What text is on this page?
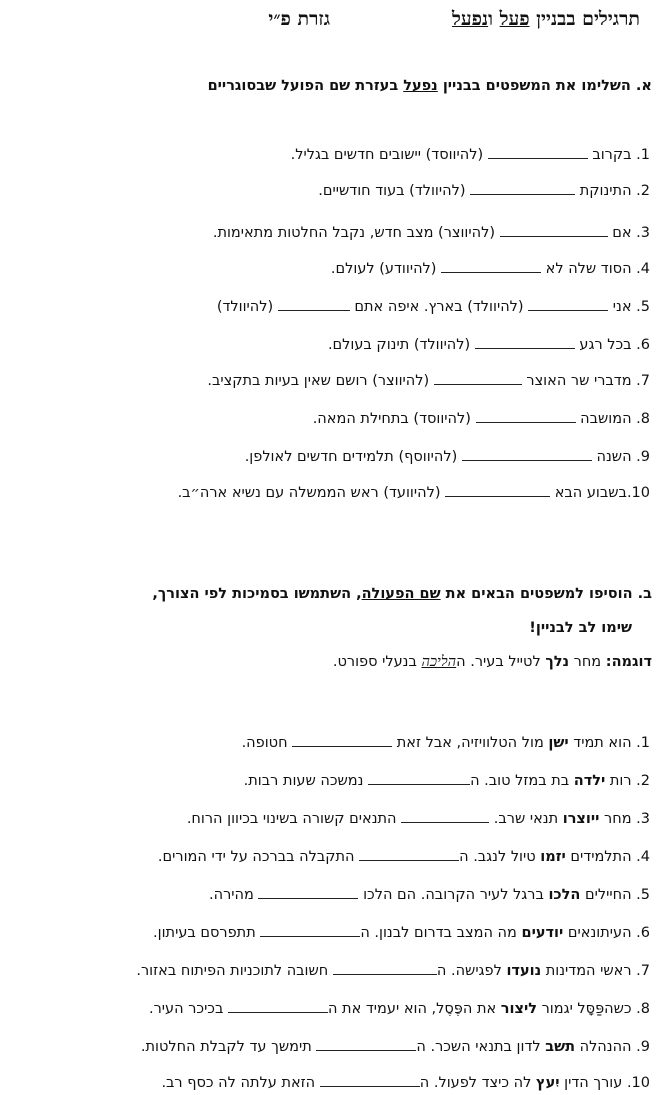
תרגילים בבניין פעל ונפעל
גזרת פ״י
א. השלימו את המשפטים בבניין נפעל בעזרת שם הפועל שבסוגריים
1. בקרוב  (להיווסד) יישובים חדשים בגליל.
2. התינוקת  (להיוולד) בעוד חודשיים.
3. אם  (להיווצר) מצב חדש, נקבל החלטות מתאימות.
4. הסוד שלה לא  (להיוודע) לעולם.
5. אני  (להיוולד) בארץ. איפה אתם  (להיוולד)
6. בכל רגע  (להיוולד) תינוק בעולם.
7. מדברי שר האוצר  (להיווצר) רושם שאין בעיות בתקציב.
8. המושבה  (להיווסד) בתחילת המאה.
9. השנה  (להיווסף) תלמידים חדשים לאולפן.
10.בשבוע הבא  (להיוועד) ראש הממשלה עם נשיא ארה״ב.
ב. הוסיפו למשפטים הבאים את שם הפעולה, השתמשו בסמיכות לפי הצורך,
שימו לב לבניין!
דוגמה: מחר נלך לטייל בעיר. ההליכה בנעלי ספורט.
1. הוא תמיד ישן מול הטלוויזיה, אבל זאת  חטופה.
2. רות ילדה בת במזל טוב. ה נמשכה שעות רבות.
3. מחר ייוצרו תנאי שרב.  התנאים קשורה בשינוי בכיוון הרוח.
4. התלמידים יזמו טיול לנגב. ה התקבלה בברכה על ידי המורים.
5. החיילים הלכו ברגל לעיר הקרובה. הם הלכו  מהירה.
6. העיתונאים יודעים מה המצב בדרום לבנון. ה תתפרסם בעיתון.
7. ראשי המדינות נועדו לפגישה. ה חשובה לתוכניות הפיתוח באזור.
8. כשהפַּסָּל יגמור ליצור את הפֶּסֶל, הוא יעמיד את ה בכיכר העיר.
9. ההנהלה תשב לדון בתנאי השכר. ה תימשך עד לקבלת החלטות.
10. עורך הדין יִעץ לה כיצד לפעול. ה הזאת עלתה לה כסף רב.
